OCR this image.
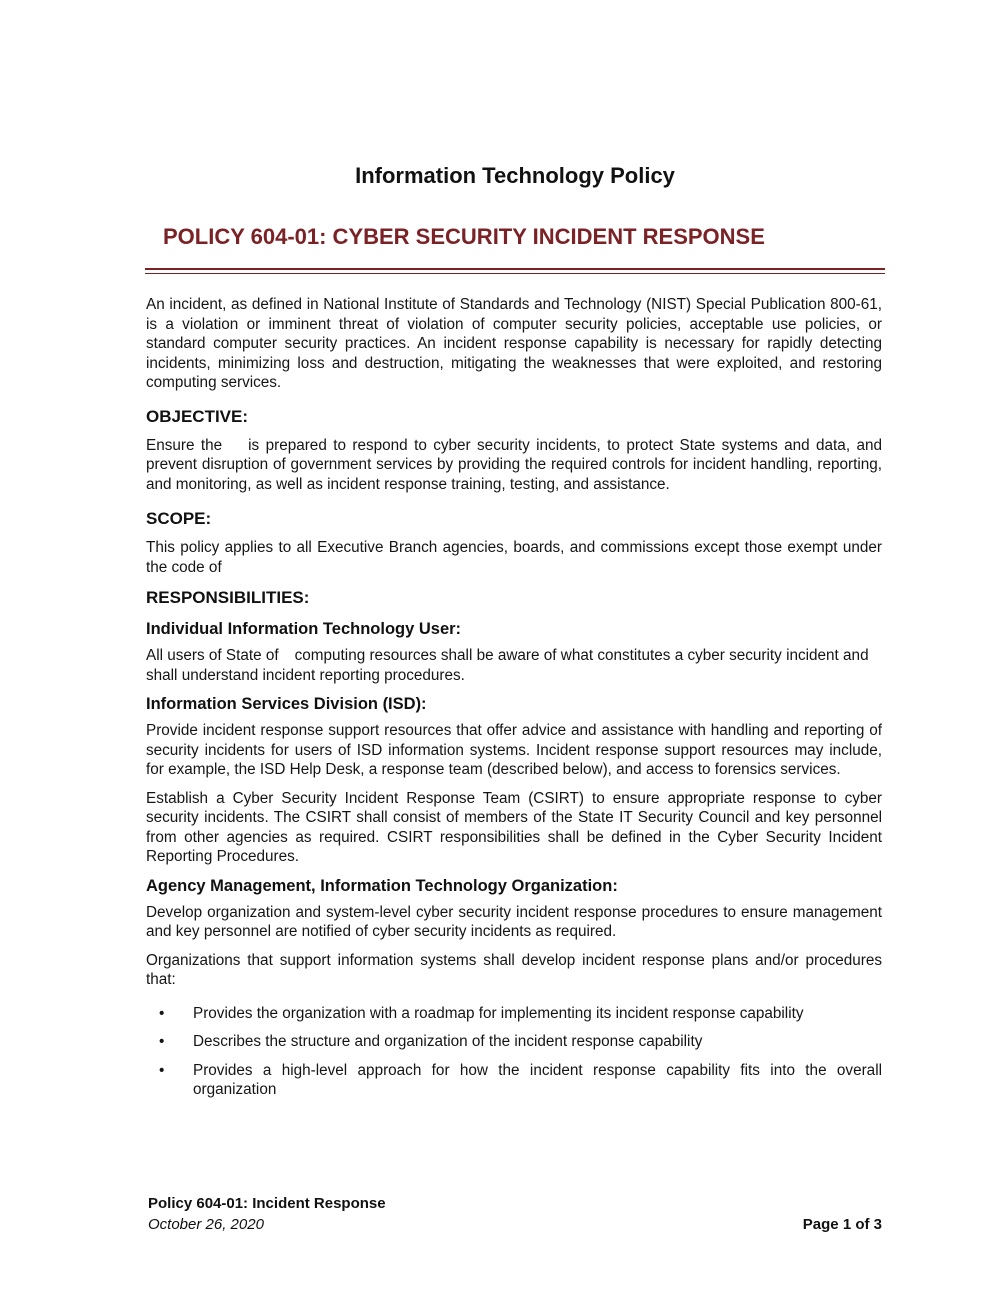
Information Technology Policy
POLICY 604-01: CYBER SECURITY INCIDENT RESPONSE

An incident, as defined in National Institute of Standards and Technology (NIST) Special Publication 800-61, is a violation or imminent threat of violation of computer security policies, acceptable use policies, or standard computer security practices. An incident response capability is necessary for rapidly detecting incidents, minimizing loss and destruction, mitigating the weaknesses that were exploited, and restoring computing services.

OBJECTIVE:

Ensure the is prepared to respond to cyber security incidents, to protect State systems and data, and prevent disruption of government services by providing the required controls for incident handling, reporting, and monitoring, as well as incident response training, testing, and assistance.

SCOPE:

This policy applies to all Executive Branch agencies, boards, and commissions except those exempt under the code of

RESPONSIBILITIES:
Individual Information Technology User:

All users of State of computing resources shall be aware of what constitutes a cyber security incident and shall understand incident reporting procedures.

Information Services Division (ISD):

Provide incident response support resources that offer advice and assistance with handling and reporting of security incidents for users of ISD information systems. Incident response support resources may include, for example, the ISD Help Desk, a response team (described below), and access to forensics services.

Establish a Cyber Security Incident Response Team (CSIRT) to ensure appropriate response to cyber security incidents. The CSIRT shall consist of members of the State IT Security Council and key personnel from other agencies as required. CSIRT responsibilities shall be defined in the Cyber Security Incident Reporting Procedures.

Agency Management, Information Technology Organization:

Develop organization and system-level cyber security incident response procedures to ensure management and key personnel are notified of cyber security incidents as required.

Organizations that support information systems shall develop incident response plans and/or procedures that:

• Provides the organization with a roadmap for implementing its incident response capability
• Describes the structure and organization of the incident response capability
• Provides a high-level approach for how the incident response capability fits into the overall organization
Policy 604-01: Incident Response
October 26, 2020	Page 1 of 3
